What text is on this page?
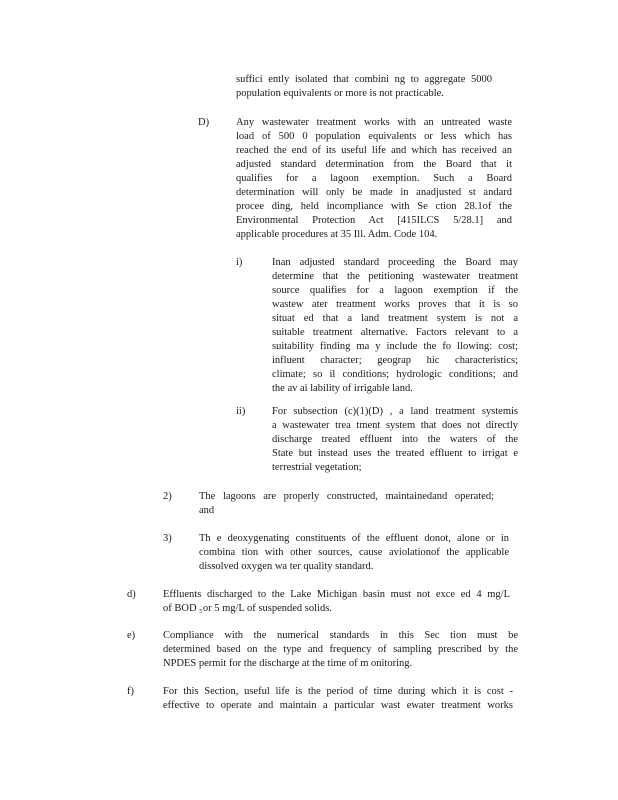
suffici ently isolated that combini ng to aggregate 5000
population equivalents or more is not practicable.
D)	Any wastewater treatment works with an untreated waste
load of 500 0 population equivalents or less which has
reached the end of its useful life and which has received an
adjusted standard determination from the Board that it
qualifies for a lagoon exemption. Such a Board
determination will only be made in anadjusted st andard
procee ding, held incompliance with Se ction 28.1of the
Environmental Protection Act [415ILCS 5/28.1] and
applicable procedures at 35 Ill. Adm. Code 104.
i)	Inan adjusted standard proceeding the Board may
determine that the petitioning wastewater treatment
source qualifies for a lagoon exemption if the
wastew ater treatment works proves that it is so
situat ed that a land treatment system is not a
suitable treatment alternative. Factors relevant to a
suitability finding ma y include the fo llowing: cost;
influent character; geograp hic characteristics;
climate; so il conditions; hydrologic conditions; and
the av ai lability of irrigable land.
ii)	For subsection (c)(1)(D) , a land treatment systemis
a wastewater trea tment system that does not directly
discharge treated effluent into the waters of the
State but instead uses the treated effluent to irrigat e
terrestrial vegetation;
2)	The lagoons are properly constructed, maintainedand operated;
and
3)	Th e deoxygenating constituents of the effluent donot, alone or in
combina tion with other sources, cause aviolationof the applicable
dissolved oxygen wa ter quality standard.
d)	Effluents discharged to the Lake Michigan basin must not exce ed 4 mg/L
of BOD ₅or 5 mg/L of suspended solids.
e)	Compliance with the numerical standards in this Sec tion must be
determined based on the type and frequency of sampling prescribed by the
NPDES permit for the discharge at the time of m onitoring.
f)	For this Section, useful life is the period of time during which it is cost -
effective to operate and maintain a particular wast ewater treatment works
